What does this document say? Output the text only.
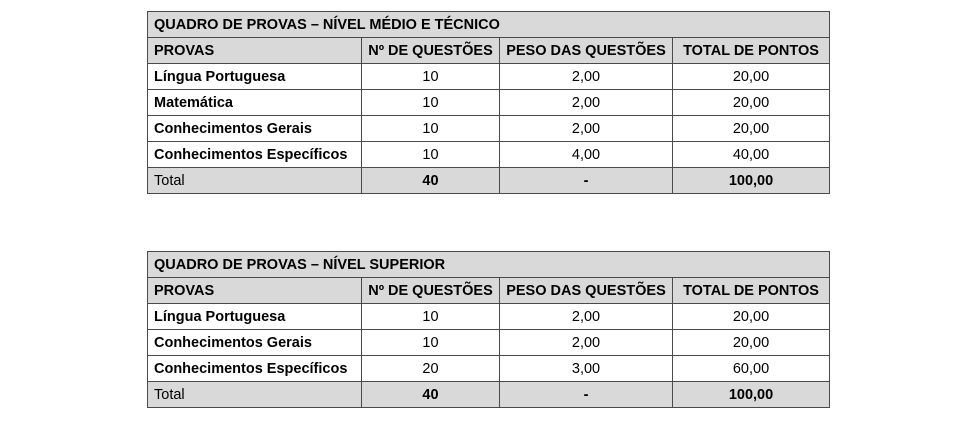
QUADRO DE PROVAS – NÍVEL MÉDIO E TÉCNICO			
PROVAS	Nº DE QUESTÕES	PESO DAS QUESTÕES	TOTAL DE PONTOS
Língua Portuguesa	10	2,00	20,00
Matemática	10	2,00	20,00
Conhecimentos Gerais	10	2,00	20,00
Conhecimentos Específicos	10	4,00	40,00
Total	40	-	100,00
QUADRO DE PROVAS – NÍVEL SUPERIOR			
PROVAS	Nº DE QUESTÕES	PESO DAS QUESTÕES	TOTAL DE PONTOS
Língua Portuguesa	10	2,00	20,00
Conhecimentos Gerais	10	2,00	20,00
Conhecimentos Específicos	20	3,00	60,00
Total	40	-	100,00
